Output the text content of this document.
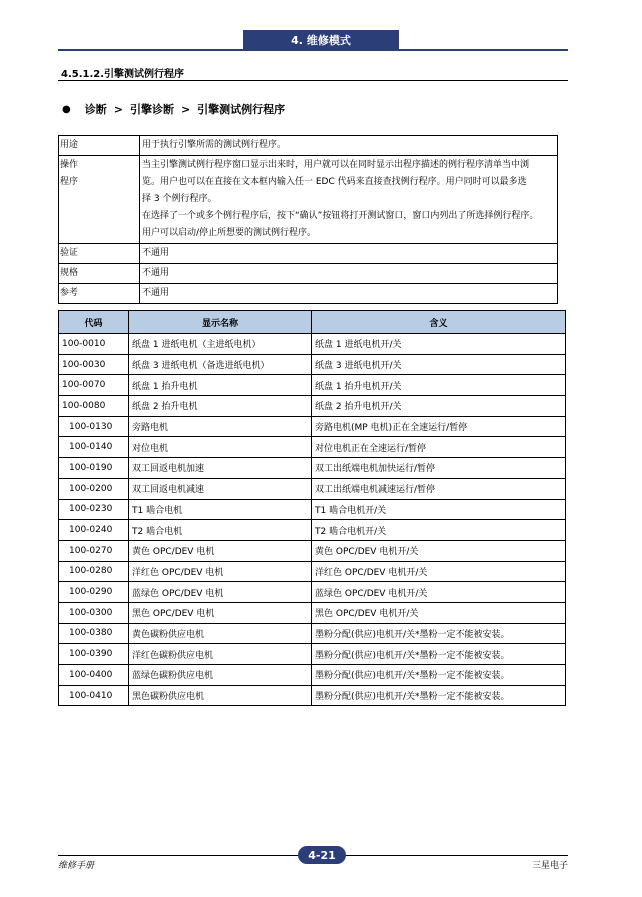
4. 维修模式
4.5.1.2.引擎测试例行程序
● 诊断 > 引擎诊断 > 引擎测试例行程序
用途	用于执行引擎所需的测试例行程序。

操作
程序	当主引擎测试例行程序窗口显示出来时，用户就可以在同时显示出程序描述的例行程序清单当中浏
览。用户也可以在直接在文本框内输入任一 EDC 代码来直接查找例行程序。用户同时可以最多选
择 3 个例行程序。
在选择了一个或多个例行程序后，按下“确认”按钮将打开测试窗口，窗口内列出了所选择例行程序。
用户可以启动/停止所想要的测试例行程序。

验证	不通用
规格	不通用
参考	不通用
代码	显示名称	含义
100-0010	纸盘 1 进纸电机（主进纸电机）	纸盘 1 进纸电机开/关
100-0030	纸盘 3 进纸电机（备选进纸电机）	纸盘 3 进纸电机开/关
100-0070	纸盘 1 抬升电机	纸盘 1 抬升电机开/关
100-0080	纸盘 2 抬升电机	纸盘 2 抬升电机开/关
100-0130	旁路电机	旁路电机(MP 电机)正在全速运行/暂停
100-0140	对位电机	对位电机正在全速运行/暂停
100-0190	双工回返电机加速	双工出纸端电机加快运行/暂停
100-0200	双工回返电机减速	双工出纸端电机减速运行/暂停
100-0230	T1 啮合电机	T1 啮合电机开/关
100-0240	T2 啮合电机	T2 啮合电机开/关
100-0270	黄色 OPC/DEV 电机	黄色 OPC/DEV 电机开/关
100-0280	洋红色 OPC/DEV 电机	洋红色 OPC/DEV 电机开/关
100-0290	蓝绿色 OPC/DEV 电机	蓝绿色 OPC/DEV 电机开/关
100-0300	黑色 OPC/DEV 电机	黑色 OPC/DEV 电机开/关
100-0380	黄色碳粉供应电机	墨粉分配(供应)电机开/关*墨粉一定不能被安装。
100-0390	洋红色碳粉供应电机	墨粉分配(供应)电机开/关*墨粉一定不能被安装。
100-0400	蓝绿色碳粉供应电机	墨粉分配(供应)电机开/关*墨粉一定不能被安装。
100-0410	黑色碳粉供应电机	墨粉分配(供应)电机开/关*墨粉一定不能被安装。
4-21
维修手册	三星电子
